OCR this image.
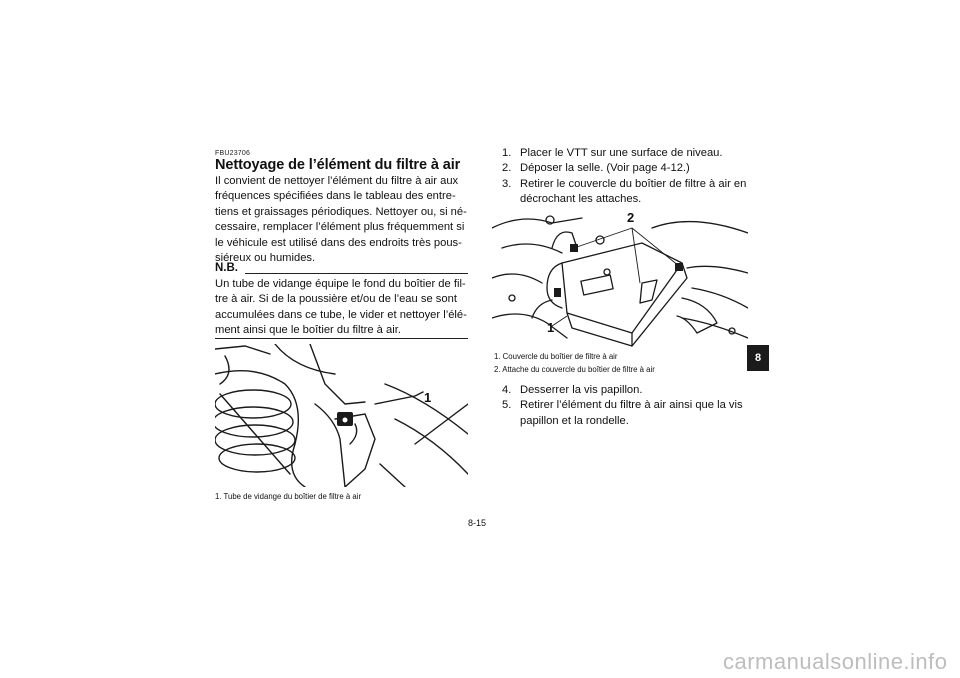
FBU23706
Nettoyage de l’élément du filtre à air
Il convient de nettoyer l’élément du filtre à air aux
fréquences spécifiées dans le tableau des entre-
tiens et graissages périodiques. Nettoyer ou, si né-
cessaire, remplacer l’élément plus fréquemment si
le véhicule est utilisé dans des endroits très pous-
siéreux ou humides.
N.B.
Un tube de vidange équipe le fond du boîtier de fil-
tre à air. Si de la poussière et/ou de l’eau se sont
accumulées dans ce tube, le vider et nettoyer l’élé-
ment ainsi que le boîtier du filtre à air.
1
1. Tube de vidange du boîtier de filtre à air
1. Placer le VTT sur une surface de niveau.
2. Déposer la selle. (Voir page 4-12.)
3. Retirer le couvercle du boîtier de filtre à air en
décrochant les attaches.
2
1
1. Couvercle du boîtier de filtre à air
2. Attache du couvercle du boîtier de filtre à air
4. Desserrer la vis papillon.
5. Retirer l’élément du filtre à air ainsi que la vis
papillon et la rondelle.
8
8-15
carmanualsonline.info
